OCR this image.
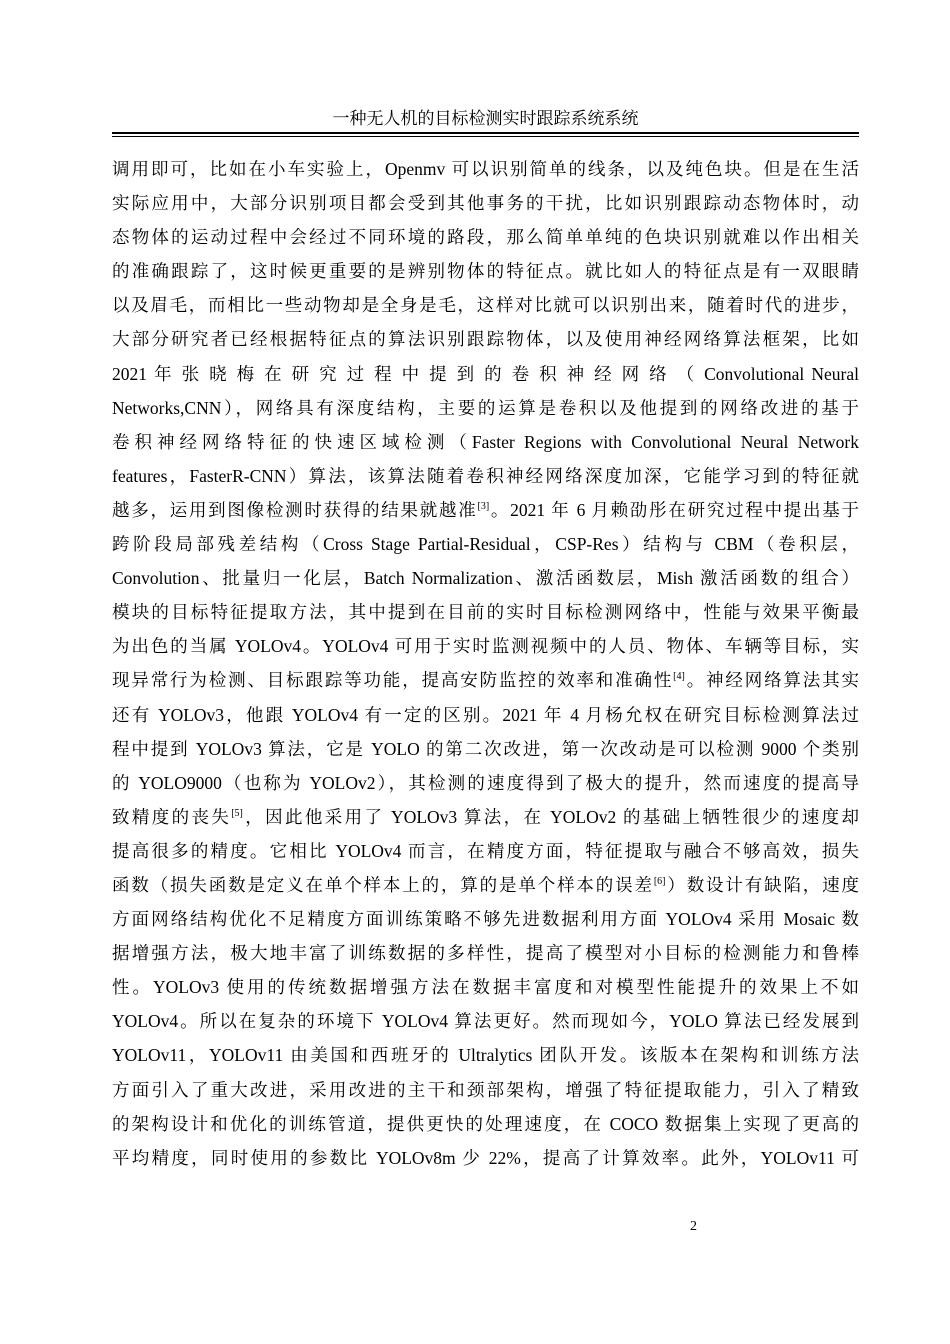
一种无人机的目标检测实时跟踪系统系统
调用即可，比如在小车实验上，Openmv 可以识别简单的线条，以及纯色块。但是在生活
实际应用中，大部分识别项目都会受到其他事务的干扰，比如识别跟踪动态物体时，动
态物体的运动过程中会经过不同环境的路段，那么简单单纯的色块识别就难以作出相关
的准确跟踪了，这时候更重要的是辨别物体的特征点。就比如人的特征点是有一双眼睛
以及眉毛，而相比一些动物却是全身是毛，这样对比就可以识别出来，随着时代的进步，
大部分研究者已经根据特征点的算法识别跟踪物体，以及使用神经网络算法框架，比如
2021 年 张 晓 梅 在 研 究 过 程 中 提 到 的 卷 积 神 经 网 络 （ Convolutional Neural
Networks,CNN），网络具有深度结构，主要的运算是卷积以及他提到的网络改进的基于
卷积神经网络特征的快速区域检测（Faster Regions with Convolutional Neural Network
features，FasterR-CNN）算法，该算法随着卷积神经网络深度加深，它能学习到的特征就
越多，运用到图像检测时获得的结果就越准[3]。2021 年 6 月赖劭彤在研究过程中提出基于
跨阶段局部残差结构（Cross Stage Partial-Residual，CSP-Res）结构与 CBM（卷积层，
Convolution、批量归一化层，Batch Normalization、激活函数层，Mish 激活函数的组合）
模块的目标特征提取方法，其中提到在目前的实时目标检测网络中，性能与效果平衡最
为出色的当属 YOLOv4。YOLOv4 可用于实时监测视频中的人员、物体、车辆等目标，实
现异常行为检测、目标跟踪等功能，提高安防监控的效率和准确性[4]。神经网络算法其实
还有 YOLOv3，他跟 YOLOv4 有一定的区别。2021 年 4 月杨允权在研究目标检测算法过
程中提到 YOLOv3 算法，它是 YOLO 的第二次改进，第一次改动是可以检测 9000 个类别
的 YOLO9000（也称为 YOLOv2），其检测的速度得到了极大的提升，然而速度的提高导
致精度的丧失[5]，因此他采用了 YOLOv3 算法，在 YOLOv2 的基础上牺牲很少的速度却
提高很多的精度。它相比 YOLOv4 而言，在精度方面，特征提取与融合不够高效，损失
函数（损失函数是定义在单个样本上的，算的是单个样本的误差[6]）数设计有缺陷，速度
方面网络结构优化不足精度方面训练策略不够先进数据利用方面 YOLOv4 采用 Mosaic 数
据增强方法，极大地丰富了训练数据的多样性，提高了模型对小目标的检测能力和鲁棒
性。YOLOv3 使用的传统数据增强方法在数据丰富度和对模型性能提升的效果上不如
YOLOv4。所以在复杂的环境下 YOLOv4 算法更好。然而现如今，YOLO 算法已经发展到
YOLOv11，YOLOv11 由美国和西班牙的 Ultralytics 团队开发。该版本在架构和训练方法
方面引入了重大改进，采用改进的主干和颈部架构，增强了特征提取能力，引入了精致
的架构设计和优化的训练管道，提供更快的处理速度，在 COCO 数据集上实现了更高的
平均精度，同时使用的参数比 YOLOv8m 少 22%，提高了计算效率。此外，YOLOv11 可
2
